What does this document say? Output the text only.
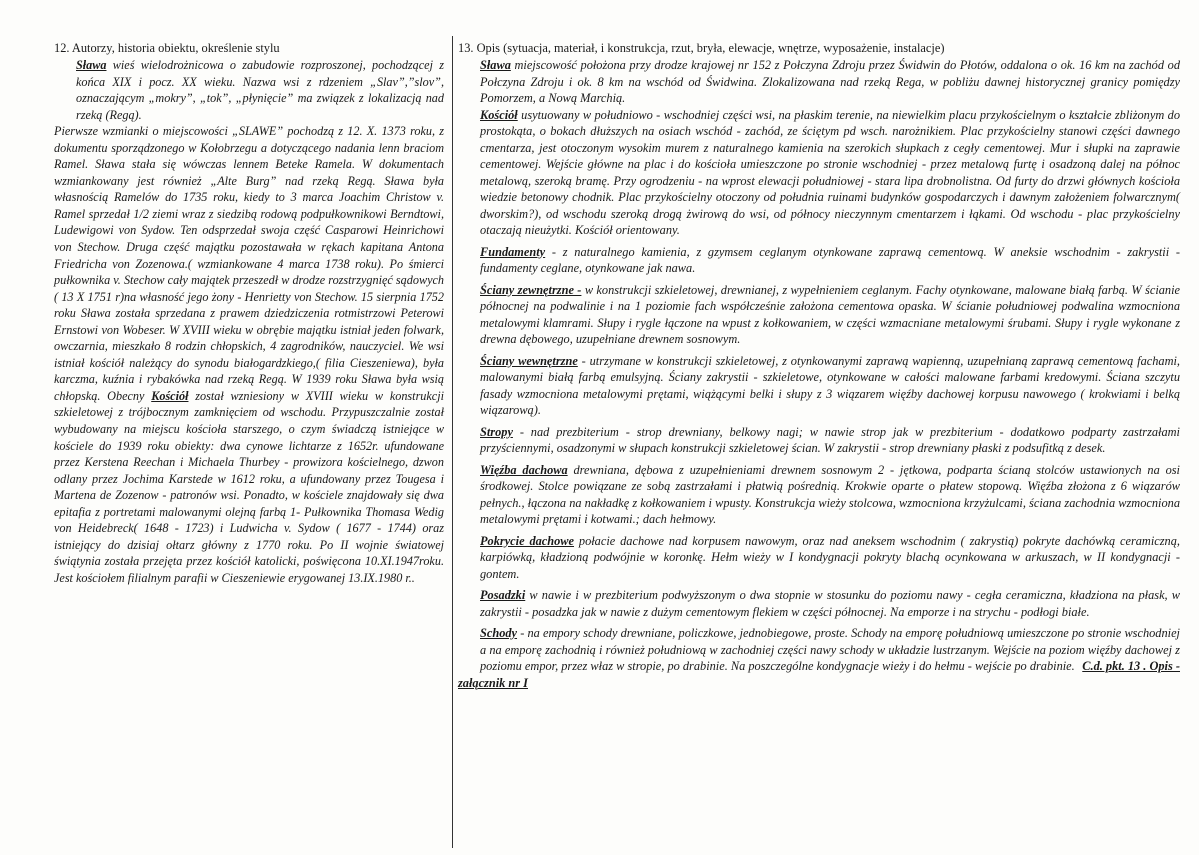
12. Autorzy, historia obiektu, określenie stylu

Sława wieś wielodrożnicowa o zabudowie rozproszonej, pochodzącej z końca XIX i pocz. XX wieku. Nazwa wsi z rdzeniem „Slav”,”slov”, oznaczającym „mokry”, „tok”, „płynięcie” ma związek z lokalizacją nad rzeką (Regą).

Pierwsze wzmianki o miejscowości „SLAWE” pochodzą z 12. X. 1373 roku, z dokumentu sporządzonego w Kołobrzegu a dotyczącego nadania lenn braciom Ramel. Sława stała się wówczas lennem Beteke Ramela. W dokumentach wzmiankowany jest również „Alte Burg” nad rzeką Regą. Sława była własnością Ramelów do 1735 roku, kiedy to 3 marca Joachim Christow v. Ramel sprzedał 1/2 ziemi wraz z siedzibą rodową podpułkownikowi Berndtowi, Ludewigowi von Sydow. Ten odsprzedał swoja część Casparowi Heinrichowi von Stechow. Druga część majątku pozostawała w rękach kapitana Antona Friedricha von Zozenowa.( wzmiankowane 4 marca 1738 roku). Po śmierci pułkownika v. Stechow cały majątek przeszedł w drodze rozstrzygnięć sądowych ( 13 X 1751 r)na własność jego żony - Henrietty von Stechow. 15 sierpnia 1752 roku Sława została sprzedana z prawem dziedziczenia rotmistrzowi Peterowi Ernstowi von Wobeser. W XVIII wieku w obrębie majątku istniał jeden folwark, owczarnia, mieszkało 8 rodzin chłopskich, 4 zagrodników, nauczyciel. We wsi istniał kościół należący do synodu białogardzkiego,( filia Cieszeniewa), była karczma, kuźnia i rybakówka nad rzeką Regą. W 1939 roku Sława była wsią chłopską. Obecny Kościół został wzniesiony w XVIII wieku w konstrukcji szkieletowej z trójbocznym zamknięciem od wschodu. Przypuszczalnie został wybudowany na miejscu kościoła starszego, o czym świadczą istniejące w kościele do 1939 roku obiekty: dwa cynowe lichtarze z 1652r. ufundowane przez Kerstena Reechan i Michaela Thurbey - prowizora kościelnego, dzwon odlany przez Jochima Karstede w 1612 roku, a ufundowany przez Tougesa i Martena de Zozenow - patronów wsi. Ponadto, w kościele znajdowały się dwa epitafia z portretami malowanymi olejną farbą 1- Pułkownika Thomasa Wedig von Heidebreck( 1648 - 1723) i Ludwicha v. Sydow ( 1677 - 1744) oraz istniejący do dzisiaj ołtarz główny z 1770 roku. Po II wojnie światowej świątynia została przejęta przez kościół katolicki, poświęcona 10.XI.1947roku. Jest kościołem filialnym parafii w Cieszeniewie erygowanej 13.IX.1980 r..

13. Opis (sytuacja, materiał, i konstrukcja, rzut, bryła, elewacje, wnętrze, wyposażenie, instalacje)

Sława miejscowość położona przy drodze krajowej nr 152 z Połczyna Zdroju przez Świdwin do Płotów, oddalona o ok. 16 km na zachód od Połczyna Zdroju i ok. 8 km na wschód od Świdwina. Zlokalizowana nad rzeką Rega, w pobliżu dawnej historycznej granicy pomiędzy Pomorzem, a Nową Marchią.

Kościół usytuowany w południowo - wschodniej części wsi, na płaskim terenie, na niewielkim placu przykościelnym o kształcie zbliżonym do prostokąta, o bokach dłuższych na osiach wschód - zachód, ze ściętym pd wsch. narożnikiem. Plac przykościelny stanowi części dawnego cmentarza, jest otoczonym wysokim murem z naturalnego kamienia na szerokich słupkach z cegły cementowej. Mur i słupki na zaprawie cementowej. Wejście główne na plac i do kościoła umieszczone po stronie wschodniej - przez metalową furtę i osadzoną dalej na północ metalową, szeroką bramę. Przy ogrodzeniu - na wprost elewacji południowej - stara lipa drobnolistna. Od furty do drzwi głównych kościoła wiedzie betonowy chodnik. Plac przykościelny otoczony od południa ruinami budynków gospodarczych i dawnym założeniem folwarcznym( dworskim?), od wschodu szeroką drogą żwirową do wsi, od północy nieczynnym cmentarzem i łąkami. Od wschodu - plac przykościelny otaczają nieużytki. Kościół orientowany.

Fundamenty - z naturalnego kamienia, z gzymsem ceglanym otynkowane zaprawą cementową. W aneksie wschodnim - zakrystii - fundamenty ceglane, otynkowane jak nawa.

Ściany zewnętrzne - w konstrukcji szkieletowej, drewnianej, z wypełnieniem ceglanym. Fachy otynkowane, malowane białą farbą. W ścianie północnej na podwalinie i na 1 poziomie fach współcześnie założona cementowa opaska. W ścianie południowej podwalina wzmocniona metalowymi klamrami. Słupy i rygle łączone na wpust z kołkowaniem, w części wzmacniane metalowymi śrubami. Słupy i rygle wykonane z drewna dębowego, uzupełniane drewnem sosnowym.

Ściany wewnętrzne - utrzymane w konstrukcji szkieletowej, z otynkowanymi zaprawą wapienną, uzupełnianą zaprawą cementową fachami, malowanymi białą farbą emulsyjną. Ściany zakrystii - szkieletowe, otynkowane w całości malowane farbami kredowymi. Ściana szczytu fasady wzmocniona metalowymi prętami, wiążącymi belki i słupy z 3 wiązarem więźby dachowej korpusu nawowego ( krokwiami i belką wiązarową).

Stropy - nad prezbiterium - strop drewniany, belkowy nagi; w nawie strop jak w prezbiterium - dodatkowo podparty zastrzałami przyściennymi, osadzonymi w słupach konstrukcji szkieletowej ścian. W zakrystii - strop drewniany płaski z podsufitką z desek.

Więźba dachowa drewniana, dębowa z uzupełnieniami drewnem sosnowym 2 - jętkowa, podparta ścianą stolców ustawionych na osi środkowej. Stolce powiązane ze sobą zastrzałami i płatwią pośrednią. Krokwie oparte o płatew stopową. Więźba złożona z 6 wiązarów pełnych., łączona na nakładkę z kołkowaniem i wpusty. Konstrukcja wieży stolcowa, wzmocniona krzyżulcami, ściana zachodnia wzmocniona metalowymi prętami i kotwami.; dach hełmowy.

Pokrycie dachowe połacie dachowe nad korpusem nawowym, oraz nad aneksem wschodnim ( zakrystią) pokryte dachówką ceramiczną, karpiówką, kładzioną podwójnie w koronkę. Hełm wieży w I kondygnacji pokryty blachą ocynkowana w arkuszach, w II kondygnacji - gontem.

Posadzki w nawie i w prezbiterium podwyższonym o dwa stopnie w stosunku do poziomu nawy - cegła ceramiczna, kładziona na płask, w zakrystii - posadzka jak w nawie z dużym cementowym flekiem w części północnej. Na emporze i na strychu - podłogi białe.

Schody - na empory schody drewniane, policzkowe, jednobiegowe, proste. Schody na emporę południową umieszczone po stronie wschodniej a na emporę zachodnią i również południową w zachodniej części nawy schody w układzie lustrzanym. Wejście na poziom więźby dachowej z poziomu empor, przez właz w stropie, po drabinie. Na poszczególne kondygnacje wieży i do hełmu - wejście po drabinie. C.d. pkt. 13 . Opis -

załącznik nr I
